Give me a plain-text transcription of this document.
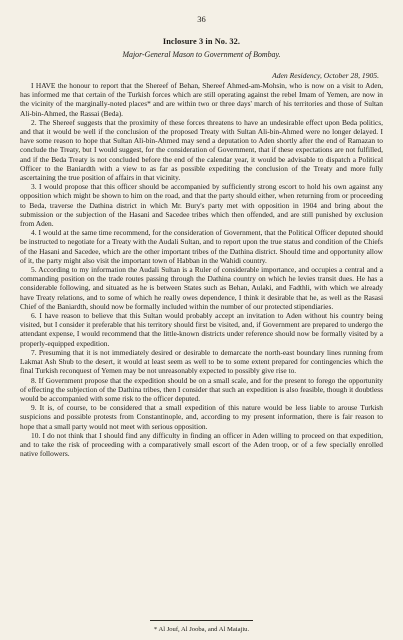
36
Inclosure 3 in No. 32.
Major-General Mason to Government of Bombay.
Aden Residency, October 28, 1905.

I HAVE the honour to report that the Shereef of Behan, Shereef Ahmed-am-Mohsin, who is now on a visit to Aden, has informed me that certain of the Turkish forces which are still operating against the rebel Imam of Yemen, are now in the vicinity of the marginally-noted places* and are within two or three days' march of his territories and those of Sultan Ali-bin-Ahmed, the Rassai (Beda).

2. The Shereef suggests that the proximity of these forces threatens to have an undesirable effect upon Beda politics, and that it would be well if the conclusion of the proposed Treaty with Sultan Ali-bin-Ahmed were no longer delayed. I have some reason to hope that Sultan Ali-bin-Ahmed may send a deputation to Aden shortly after the end of Ramazan to conclude the Treaty, but I would suggest, for the consideration of Government, that if these expectations are not fulfilled, and if the Beda Treaty is not concluded before the end of the calendar year, it would be advisable to dispatch a Political Officer to the Baniardth with a view to as far as possible expediting the conclusion of the Treaty and more fully ascertaining the true position of affairs in that vicinity.

3. I would propose that this officer should be accompanied by sufficiently strong escort to hold his own against any opposition which might be shown to him on the road, and that the party should either, when returning from or proceeding to Beda, traverse the Dathina district in which Mr. Bury's party met with opposition in 1904 and bring about the submission or the subjection of the Hasani and Sacedee tribes which then offended, and are still punished by exclusion from Aden.

4. I would at the same time recommend, for the consideration of Government, that the Political Officer deputed should be instructed to negotiate for a Treaty with the Audali Sultan, and to report upon the true status and condition of the Chiefs of the Hasani and Sacedee, which are the other important tribes of the Dathina district. Should time and opportunity allow of it, the party might also visit the important town of Habban in the Wahidi country.

5. According to my information the Audali Sultan is a Ruler of considerable importance, and occupies a central and a commanding position on the trade routes passing through the Dathina country on which he levies transit dues. He has a considerable following, and situated as he is between States such as Behan, Aulaki, and Fadthli, with which we already have Treaty relations, and to some of which he really owes dependence, I think it desirable that he, as well as the Rasasi Chief of the Baniardth, should now be formally included within the number of our protected stipendiaries.

6. I have reason to believe that this Sultan would probably accept an invitation to Aden without his country being visited, but I consider it preferable that his territory should first be visited, and, if Government are prepared to undergo the attendant expense, I would recommend that the little-known districts under reference should now be formally visited by a properly-equipped expedition.

7. Presuming that it is not immediately desired or desirable to demarcate the north-east boundary lines running from Lakmat Ash Shub to the desert, it would at least seem as well to be to some extent prepared for contingencies which the final Turkish reconquest of Yemen may be not unreasonably expected to possibly give rise to.

8. If Government propose that the expedition should be on a small scale, and for the present to forego the opportunity of effecting the subjection of the Dathina tribes, then I consider that such an expedition is also feasible, though it doubtless would be accompanied with some risk to the officer deputed.

9. It is, of course, to be considered that a small expedition of this nature would be less liable to arouse Turkish suspicions and possible protests from Constantinople, and, according to my present information, there is fair reason to hope that a small party would not meet with serious opposition.

10. I do not think that I should find any difficulty in finding an officer in Aden willing to proceed on that expedition, and to take the risk of proceeding with a comparatively small escort of the Aden troop, or of a few specially enrolled native followers.

* Al Jouf, Al Jooba, and Al Maiajiu.
